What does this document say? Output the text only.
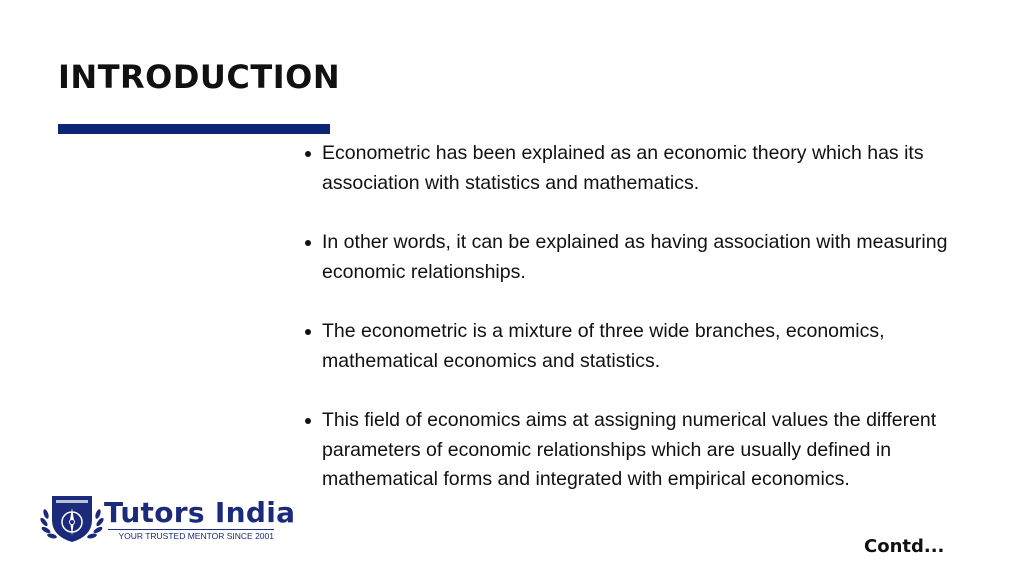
INTRODUCTION
Econometric has been explained as an economic theory which has its association with statistics and mathematics.
In other words, it can be explained as having association with measuring economic relationships.
The econometric is a mixture of three wide branches, economics, mathematical economics and statistics.
This field of economics aims at assigning numerical values the different parameters of economic relationships which are usually defined in mathematical forms and integrated with empirical economics.
Tutors India
YOUR TRUSTED MENTOR SINCE 2001	Contd...
